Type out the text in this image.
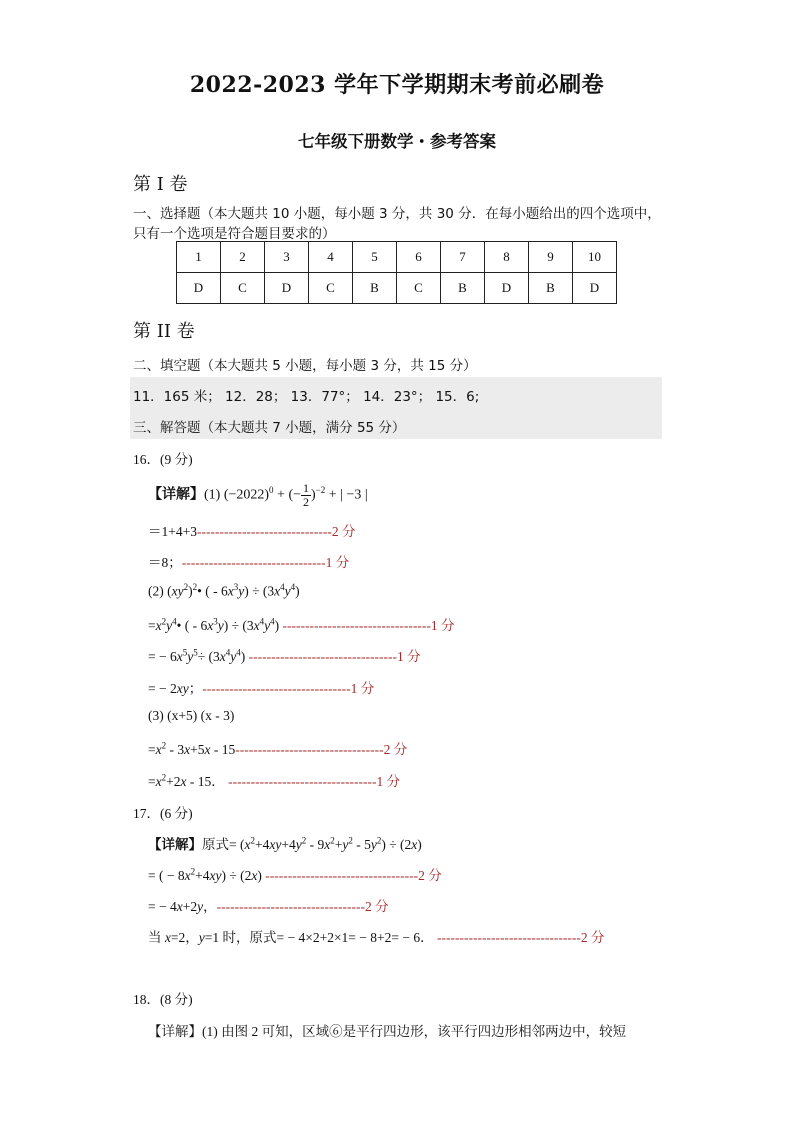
2022-2023 学年下学期期末考前必刷卷
七年级下册数学・参考答案
第 I 卷
一、选择题（本大题共 10 小题，每小题 3 分，共 30 分．在每小题给出的四个选项中，
只有一个选项是符合题目要求的）
1	2	3	4	5	6	7	8	9	10
D	C	D	C	B	C	B	D	B	D
第 II 卷
二、填空题（本大题共 5 小题，每小题 3 分，共 15 分）
11．165 米； 12．28； 13．77°； 14．23°； 15．6;
三、解答题（本大题共 7 小题，满分 55 分）
16．(9 分)
【详解】(1) $(-2022)^0$ + (− $\frac{1}{2} )^{-2}$ + | −3 |
＝1+4+3------------------------------2 分
＝8；--------------------------------1 分
(2) $(xy^2)^2•$ ( - $6x^3y) \div (3x^4y^4)$
$=x^2y^4•$ ( - $6x^3y) \div (3x^4y^4)$ ---------------------------------1 分
= − $6x^5y^5\div (3x^4y^4)$ ---------------------------------1 分
= − 2xy；---------------------------------1 分
(3) (x+5) (x - 3)
$=x^2 - 3x+5x - 15---------------------------------2$ 分
$=x^2+2x - 15$． ---------------------------------1 分
17．(6 分)
【详解】原式= $(x^2+4xy+4y^2 - 9x^2+y^2 - 5y^2) \div (2x)$
= ( − $8x^2+4xy) \div (2x)$ ----------------------------------2 分
= − 4x+2y，---------------------------------2 分
当 x=2，y=1 时，原式= − 4×2+2×1= − 8+2= − 6． --------------------------------2 分
18．(8 分)
【详解】(1) 由图 2 可知，区域⑥是平行四边形，该平行四边形相邻两边中，较短
